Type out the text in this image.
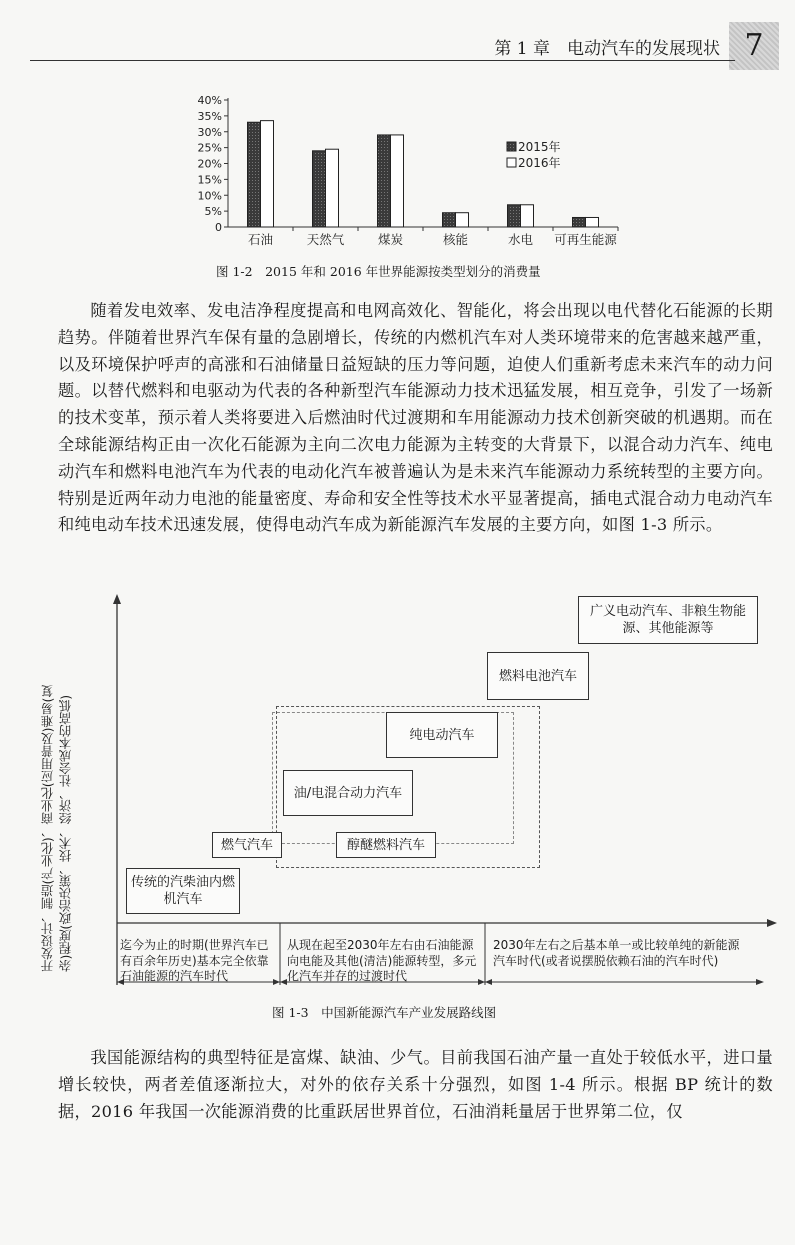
第 1 章　电动汽车的发展现状 7
0
5%
10%
15%
20%
25%
30%
35%
40%
石油	天然气	煤炭	核能	水电 可再生能源
2015年
2016年
图 1-2　2015 年和 2016 年世界能源按类型划分的消费量

随着发电效率、发电洁净程度提高和电网高效化、智能化，将会出现以电代替化石能源的长期趋势。伴随着世界汽车保有量的急剧增长，传统的内燃机汽车对人类环境带来的危害越来越严重，以及环境保护呼声的高涨和石油储量日益短缺的压力等问题，迫使人们重新考虑未来汽车的动力问题。以替代燃料和电驱动为代表的各种新型汽车能源动力技术迅猛发展，相互竞争，引发了一场新的技术变革，预示着人类将要进入后燃油时代过渡期和车用能源动力技术创新突破的机遇期。而在全球能源结构正由一次化石能源为主向二次电力能源为主转变的大背景下，以混合动力汽车、纯电动汽车和燃料电池汽车为代表的电动化汽车被普遍认为是未来汽车能源动力系统转型的主要方向。特别是近两年动力电池的能量密度、寿命和安全性等技术水平显著提高，插电式混合动力电动汽车和纯电动车技术迅速发展，使得电动汽车成为新能源汽车发展的主要方向，如图 1-3 所示。

开发设计、制造(产业化)、商业化(应用普及)难易(复 杂)程度(政治决策、技术、经济、社会成本的高低)	传统的汽柴油内燃机汽车
燃气汽车	醇醚燃料汽车
油/电混合动力汽车
纯电动汽车
燃料电池汽车
广义电动汽车、非粮生物能源、其他能源等
迄今为止的时期(世界汽车已有百余年历史)基本完全依靠石油能源的汽车时代
从现在起至2030年左右由石油能源向电能及其他(清洁)能源转型，多元化汽车并存的过渡时代
2030年左右之后基本单一或比较单纯的新能源汽车时代(或者说摆脱依赖石油的汽车时代)
图 1-3　中国新能源汽车产业发展路线图

我国能源结构的典型特征是富煤、缺油、少气。目前我国石油产量一直处于较低水平，进口量增长较快，两者差值逐渐拉大，对外的依存关系十分强烈，如图 1-4 所示。根据 BP 统计的数据，2016 年我国一次能源消费的比重跃居世界首位，石油消耗量居于世界第二位，仅
